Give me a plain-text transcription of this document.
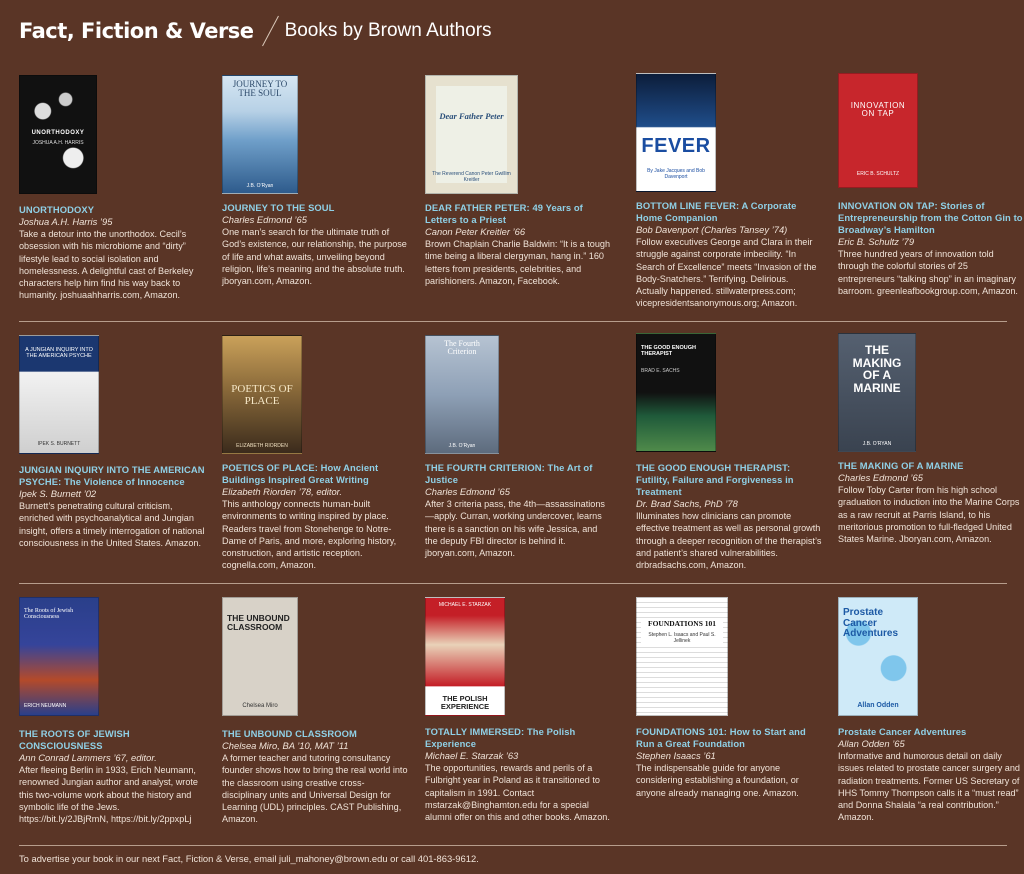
Fact, Fiction & Verse Books by Brown Authors
UNORTHODOXY
JOSHUA A.H. HARRIS
UNORTHODOXY
Joshua A.H. Harris ’95
Take a detour into the unorthodox. Cecil’s obsession with his microbiome and “dirty” lifestyle lead to social isolation and homelessness. A delightful cast of Berkeley characters help him find his way back to humanity. joshuaahharris.com, Amazon.
JOURNEY TO THE SOUL
J.B. O’Ryan
JOURNEY TO THE SOUL
Charles Edmond ’65
One man’s search for the ultimate truth of God’s existence, our relationship, the purpose of life and what awaits, unveiling beyond religion, life’s meaning and the absolute truth. jboryan.com, Amazon.
Dear Father Peter
The Reverend Canon Peter Gwillim Kreitler
DEAR FATHER PETER: 49 Years of Letters to a Priest
Canon Peter Kreitler ’66
Brown Chaplain Charlie Baldwin: “It is a tough time being a liberal clergyman, hang in.” 160 letters from presidents, celebrities, and parishioners. Amazon, Facebook.
FEVER
By Jake Jacques and Bob Davenport
BOTTOM LINE FEVER: A Corporate Home Companion
Bob Davenport (Charles Tansey ’74)
Follow executives George and Clara in their struggle against corporate imbecility. “In Search of Excellence” meets “Invasion of the Body-Snatchers.” Terrifying. Delirious. Actually happened. stillwaterpress.com; vicepresidentsanonymous.org; Amazon.
INNOVATION ON TAP
ERIC B. SCHULTZ
INNOVATION ON TAP: Stories of Entrepreneurship from the Cotton Gin to Broadway’s Hamilton
Eric B. Schultz ’79
Three hundred years of innovation told through the colorful stories of 25 entrepreneurs “talking shop” in an imaginary barroom. greenleafbookgroup.com, Amazon.
A JUNGIAN INQUIRY INTO THE AMERICAN PSYCHE
IPEK S. BURNETT
JUNGIAN INQUIRY INTO THE AMERICAN PSYCHE: The Violence of Innocence
Ipek S. Burnett ’02
Burnett’s penetrating cultural criticism, enriched with psychoanalytical and Jungian insight, offers a timely interrogation of national consciousness in the United States. Amazon.
POETICS OF PLACE
ELIZABETH RIORDEN
POETICS OF PLACE: How Ancient Buildings Inspired Great Writing
Elizabeth Riorden ’78, editor.
This anthology connects human-built environments to writing inspired by place. Readers travel from Stonehenge to Notre-Dame of Paris, and more, exploring history, construction, and artistic reception. cognella.com, Amazon.
The Fourth Criterion
J.B. O’Ryan
THE FOURTH CRITERION: The Art of Justice
Charles Edmond ’65
After 3 criteria pass, the 4th—assassinations—apply. Curran, working undercover, learns there is a sanction on his wife Jessica, and the deputy FBI director is behind it. jboryan.com, Amazon.
THE GOOD ENOUGH THERAPIST
BRAD E. SACHS
THE GOOD ENOUGH THERAPIST: Futility, Failure and Forgiveness in Treatment
Dr. Brad Sachs, PhD ’78
Illuminates how clinicians can promote effective treatment as well as personal growth through a deeper recognition of the therapist’s and patient’s shared vulnerabilities. drbradsachs.com, Amazon.
THE MAKING OF A MARINE
J.B. O’RYAN
THE MAKING OF A MARINE
Charles Edmond ’65
Follow Toby Carter from his high school graduation to induction into the Marine Corps as a raw recruit at Parris Island, to his meritorious promotion to full-fledged United States Marine. Jboryan.com, Amazon.
The Roots of Jewish Consciousness
ERICH NEUMANN
THE ROOTS OF JEWISH CONSCIOUSNESS
Ann Conrad Lammers ’67, editor.
After fleeing Berlin in 1933, Erich Neumann, renowned Jungian author and analyst, wrote this two-volume work about the history and symbolic life of the Jews. https://bit.ly/2JBjRmN, https://bit.ly/2ppxpLj
THE UNBOUND CLASSROOM
Chelsea Miro
THE UNBOUND CLASSROOM
Chelsea Miro, BA ’10, MAT ’11
A former teacher and tutoring consultancy founder shows how to bring the real world into the classroom using creative cross-disciplinary units and Universal Design for Learning (UDL) principles. CAST Publishing, Amazon.
THE POLISH EXPERIENCE
MICHAEL E. STARZAK
TOTALLY IMMERSED: The Polish Experience
Michael E. Starzak ’63
The opportunities, rewards and perils of a Fulbright year in Poland as it transitioned to capitalism in 1991. Contact mstarzak@Binghamton.edu for a special alumni offer on this and other books. Amazon.
FOUNDATIONS 101
Stephen L. Isaacs and Paul S. Jellinek
FOUNDATIONS 101: How to Start and Run a Great Foundation
Stephen Isaacs ’61
The indispensable guide for anyone considering establishing a foundation, or anyone already managing one. Amazon.
Prostate Cancer Adventures
Allan Odden
Prostate Cancer Adventures
Allan Odden ’65
Informative and humorous detail on daily issues related to prostate cancer surgery and radiation treatments. Former US Secretary of HHS Tommy Thompson calls it a “must read” and Donna Shalala “a real contribution.” Amazon.
To advertise your book in our next Fact, Fiction & Verse, email juli_mahoney@brown.edu or call 401-863-9612.
